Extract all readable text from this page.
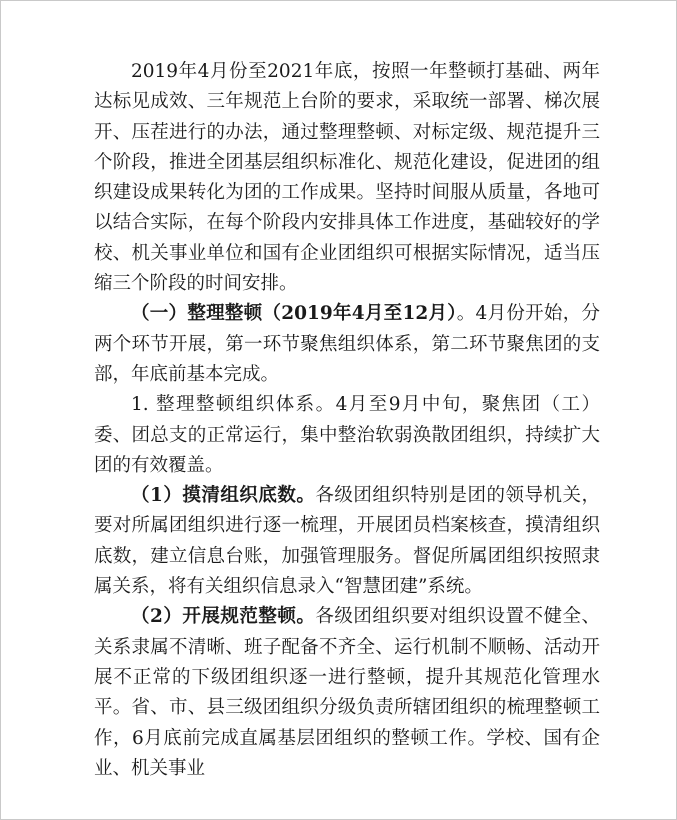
2019年4月份至2021年底，按照一年整顿打基础、两年达标见成效、三年规范上台阶的要求，采取统一部署、梯次展开、压茬进行的办法，通过整理整顿、对标定级、规范提升三个阶段，推进全团基层组织标准化、规范化建设，促进团的组织建设成果转化为团的工作成果。坚持时间服从质量，各地可以结合实际，在每个阶段内安排具体工作进度，基础较好的学校、机关事业单位和国有企业团组织可根据实际情况，适当压缩三个阶段的时间安排。

（一）整理整顿（2019年4月至12月）。4月份开始，分两个环节开展，第一环节聚焦组织体系，第二环节聚焦团的支部，年底前基本完成。

1. 整理整顿组织体系。4月至9月中旬，聚焦团（工）委、团总支的正常运行，集中整治软弱涣散团组织，持续扩大团的有效覆盖。

（1）摸清组织底数。各级团组织特别是团的领导机关，要对所属团组织进行逐一梳理，开展团员档案核查，摸清组织底数，建立信息台账，加强管理服务。督促所属团组织按照隶属关系，将有关组织信息录入“智慧团建”系统。

（2）开展规范整顿。各级团组织要对组织设置不健全、关系隶属不清晰、班子配备不齐全、运行机制不顺畅、活动开展不正常的下级团组织逐一进行整顿，提升其规范化管理水平。省、市、县三级团组织分级负责所辖团组织的梳理整顿工作，6月底前完成直属基层团组织的整顿工作。学校、国有企业、机关事业
